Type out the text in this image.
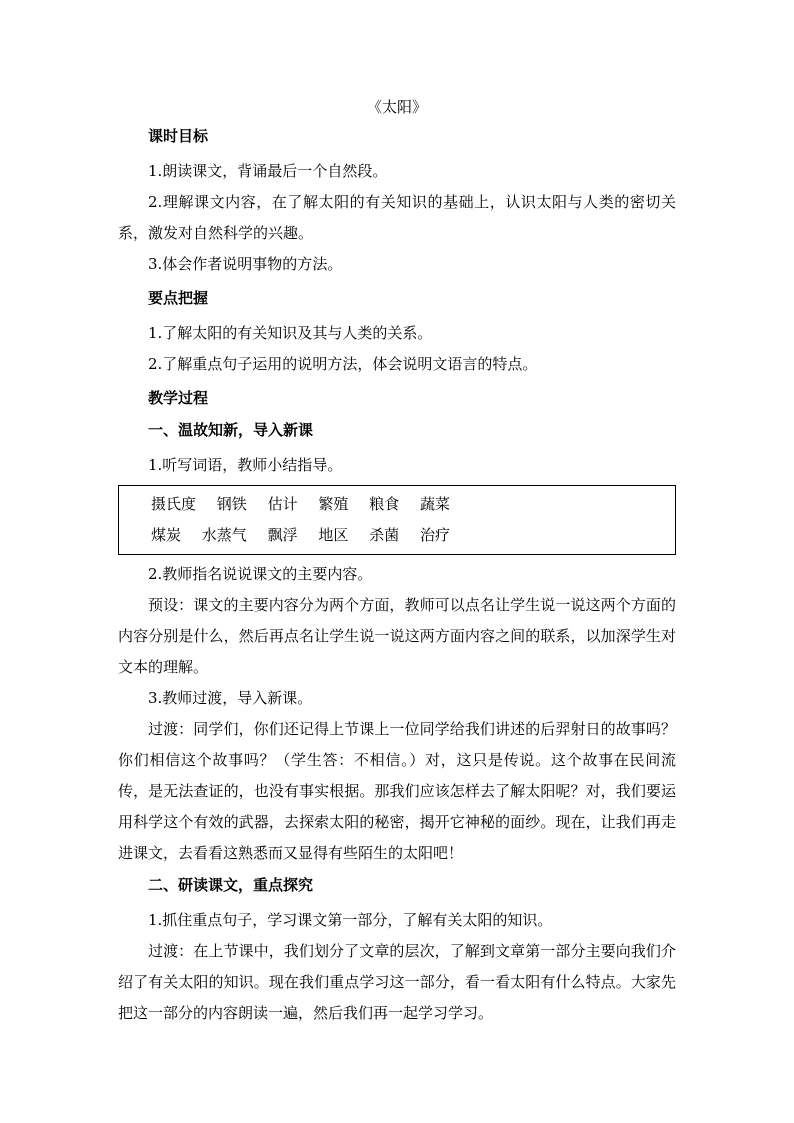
《太阳》
课时目标

1.朗读课文，背诵最后一个自然段。

2.理解课文内容，在了解太阳的有关知识的基础上，认识太阳与人类的密切关系，激发对自然科学的兴趣。

3.体会作者说明事物的方法。

要点把握

1.了解太阳的有关知识及其与人类的关系。

2.了解重点句子运用的说明方法，体会说明文语言的特点。

教学过程
一、温故知新，导入新课

1.听写词语，教师小结指导。

摄氏度 钢铁 估计 繁殖 粮食 蔬菜
煤炭 水蒸气 飘浮 地区 杀菌 治疗

2.教师指名说说课文的主要内容。

预设：课文的主要内容分为两个方面，教师可以点名让学生说一说这两个方面的内容分别是什么，然后再点名让学生说一说这两方面内容之间的联系，以加深学生对文本的理解。

3.教师过渡，导入新课。

过渡：同学们，你们还记得上节课上一位同学给我们讲述的后羿射日的故事吗？你们相信这个故事吗？（学生答：不相信。）对，这只是传说。这个故事在民间流传，是无法查证的，也没有事实根据。那我们应该怎样去了解太阳呢？对，我们要运用科学这个有效的武器，去探索太阳的秘密，揭开它神秘的面纱。现在，让我们再走进课文，去看看这熟悉而又显得有些陌生的太阳吧！

二、研读课文，重点探究

1.抓住重点句子，学习课文第一部分，了解有关太阳的知识。

过渡：在上节课中，我们划分了文章的层次，了解到文章第一部分主要向我们介绍了有关太阳的知识。现在我们重点学习这一部分，看一看太阳有什么特点。大家先把这一部分的内容朗读一遍，然后我们再一起学习学习。
